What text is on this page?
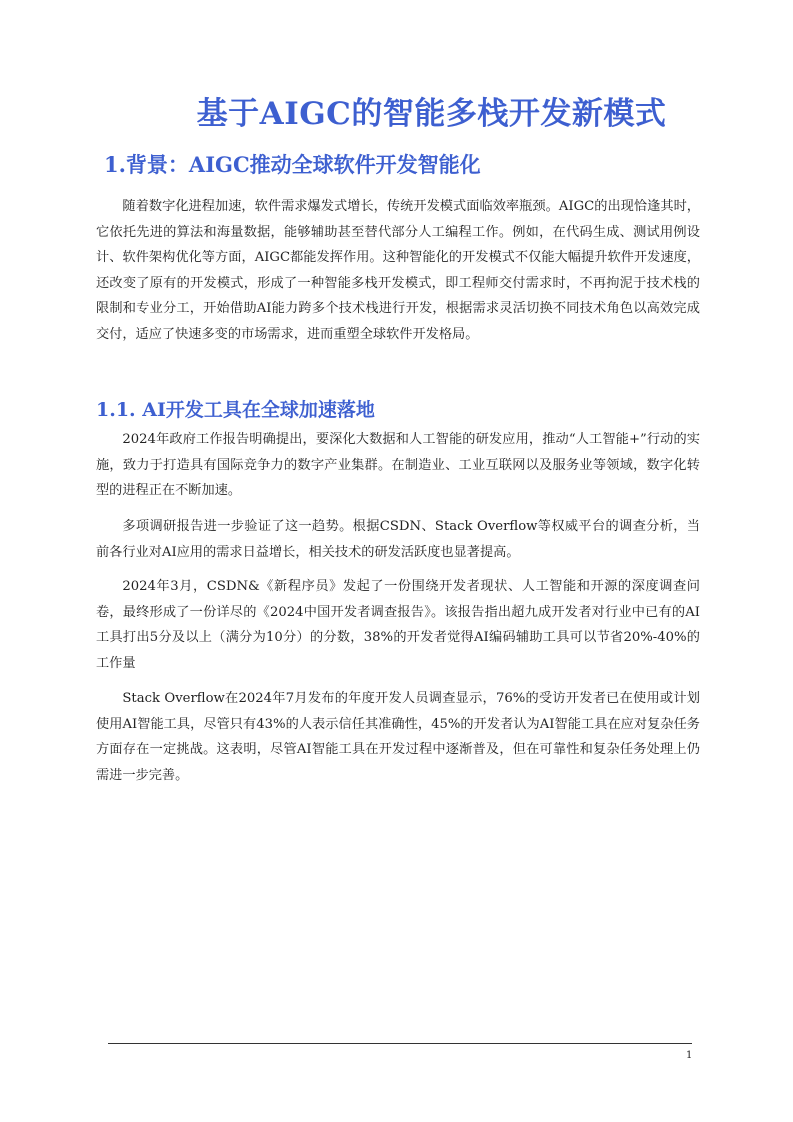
基于AIGC的智能多栈开发新模式
1.背景：AIGC推动全球软件开发智能化

随着数字化进程加速，软件需求爆发式增长，传统开发模式面临效率瓶颈。AIGC的出现恰逢其时，它依托先进的算法和海量数据，能够辅助甚至替代部分人工编程工作。例如，在代码生成、测试用例设计、软件架构优化等方面，AIGC都能发挥作用。这种智能化的开发模式不仅能大幅提升软件开发速度，还改变了原有的开发模式，形成了一种智能多栈开发模式，即工程师交付需求时，不再拘泥于技术栈的限制和专业分工，开始借助AI能力跨多个技术栈进行开发，根据需求灵活切换不同技术角色以高效完成交付，适应了快速多变的市场需求，进而重塑全球软件开发格局。

1.1. AI开发工具在全球加速落地

2024年政府工作报告明确提出，要深化大数据和人工智能的研发应用，推动“人工智能+”行动的实施，致力于打造具有国际竞争力的数字产业集群。在制造业、工业互联网以及服务业等领域，数字化转型的进程正在不断加速。

多项调研报告进一步验证了这一趋势。根据CSDN、Stack Overflow等权威平台的调查分析，当前各行业对AI应用的需求日益增长，相关技术的研发活跃度也显著提高。

2024年3月，CSDN&《新程序员》发起了一份围绕开发者现状、人工智能和开源的深度调查问卷，最终形成了一份详尽的《2024中国开发者调查报告》。该报告指出超九成开发者对行业中已有的AI工具打出5分及以上（满分为10分）的分数，38%的开发者觉得AI编码辅助工具可以节省20%-40%的工作量

Stack Overflow在2024年7月发布的年度开发人员调查显示，76%的受访开发者已在使用或计划使用AI智能工具，尽管只有43%的人表示信任其准确性，45%的开发者认为AI智能工具在应对复杂任务方面存在一定挑战。这表明，尽管AI智能工具在开发过程中逐渐普及，但在可靠性和复杂任务处理上仍需进一步完善。

1
